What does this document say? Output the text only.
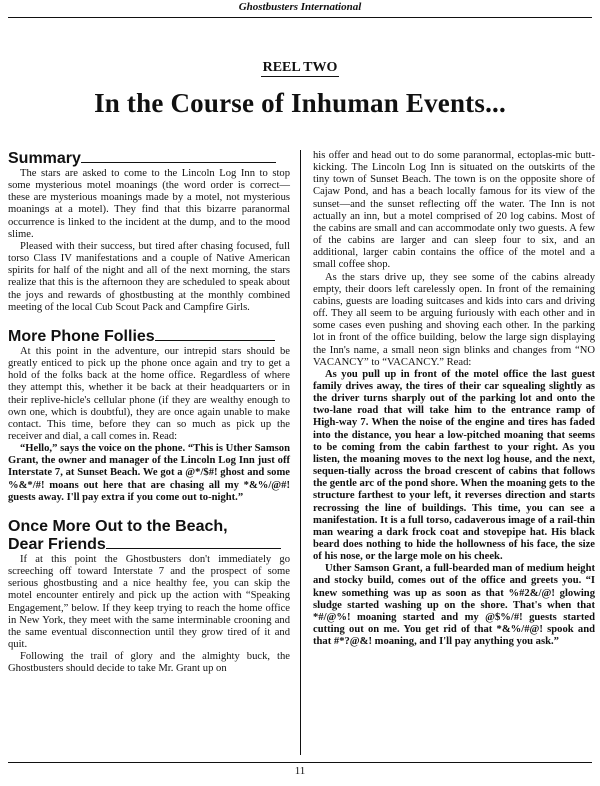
Ghostbusters International
REEL TWO
In the Course of Inhuman Events...
Summary

The stars are asked to come to the Lincoln Log Inn to stop some mysterious motel moanings (the word order is correct—these are mysterious moanings made by a motel, not mysterious moanings at a motel). They find that this bizarre paranormal occurrence is linked to the incident at the dump, and to the mood slime.

Pleased with their success, but tired after chasing focused, full torso Class IV manifestations and a couple of Native American spirits for half of the night and all of the next morning, the stars realize that this is the afternoon they are scheduled to speak about the joys and rewards of ghostbusting at the monthly combined meeting of the local Cub Scout Pack and Campfire Girls.

More Phone Follies

At this point in the adventure, our intrepid stars should be greatly enticed to pick up the phone once again and try to get a hold of the folks back at the home office. Regardless of where they attempt this, whether it be back at their headquarters or in their replive-hicle's cellular phone (if they are wealthy enough to own one, which is doubtful), they are once again unable to make contact. This time, before they can so much as pick up the receiver and dial, a call comes in. Read:

“Hello,” says the voice on the phone. “This is Uther Samson Grant, the owner and manager of the Lincoln Log Inn just off Interstate 7, at Sunset Beach. We got a @*/$#! ghost and some %&*/#! moans out here that are chasing all my *&%/@#! guests away. I'll pay extra if you come out to-night.”

Once More Out to the Beach,
Dear Friends

If at this point the Ghostbusters don't immediately go screeching off toward Interstate 7 and the prospect of some serious ghostbusting and a nice healthy fee, you can skip the motel encounter entirely and pick up the action with “Speaking Engagement,” below. If they keep trying to reach the home office in New York, they meet with the same interminable crooning and the same eventual disconnection until they grow tired of it and quit.

Following the trail of glory and the almighty buck, the Ghostbusters should decide to take Mr. Grant up on

his offer and head out to do some paranormal, ectoplas-mic butt-kicking. The Lincoln Log Inn is situated on the outskirts of the tiny town of Sunset Beach. The town is on the opposite shore of Cajaw Pond, and has a beach locally famous for its view of the sunset—and the sunset reflecting off the water. The Inn is not actually an inn, but a motel comprised of 20 log cabins. Most of the cabins are small and can accommodate only two guests. A few of the cabins are larger and can sleep four to six, and an additional, larger cabin contains the office of the motel and a small coffee shop.

As the stars drive up, they see some of the cabins already empty, their doors left carelessly open. In front of the remaining cabins, guests are loading suitcases and kids into cars and driving off. They all seem to be arguing furiously with each other and in some cases even pushing and shoving each other. In the parking lot in front of the office building, below the large sign displaying the Inn's name, a small neon sign blinks and changes from “NO VACANCY” to “VACANCY.” Read:

As you pull up in front of the motel office the last guest family drives away, the tires of their car squealing slightly as the driver turns sharply out of the parking lot and onto the two-lane road that will take him to the entrance ramp of High-way 7. When the noise of the engine and tires has faded into the distance, you hear a low-pitched moaning that seems to be coming from the cabin farthest to your right. As you listen, the moaning moves to the next log house, and the next, sequen-tially across the broad crescent of cabins that follows the gentle arc of the pond shore. When the moaning gets to the structure farthest to your left, it reverses direction and starts recrossing the line of buildings. This time, you can see a manifestation. It is a full torso, cadaverous image of a rail-thin man wearing a dark frock coat and stovepipe hat. His black beard does nothing to hide the hollowness of his face, the size of his nose, or the large mole on his cheek.

Uther Samson Grant, a full-bearded man of medium height and stocky build, comes out of the office and greets you. “I knew something was up as soon as that %#2&/@! glowing sludge started washing up on the shore. That's when that *#/@%! moaning started and my @$%/#! guests started cutting out on me. You get rid of that *&%/#@! spook and that #*?@&! moaning, and I'll pay anything you ask.”

11
